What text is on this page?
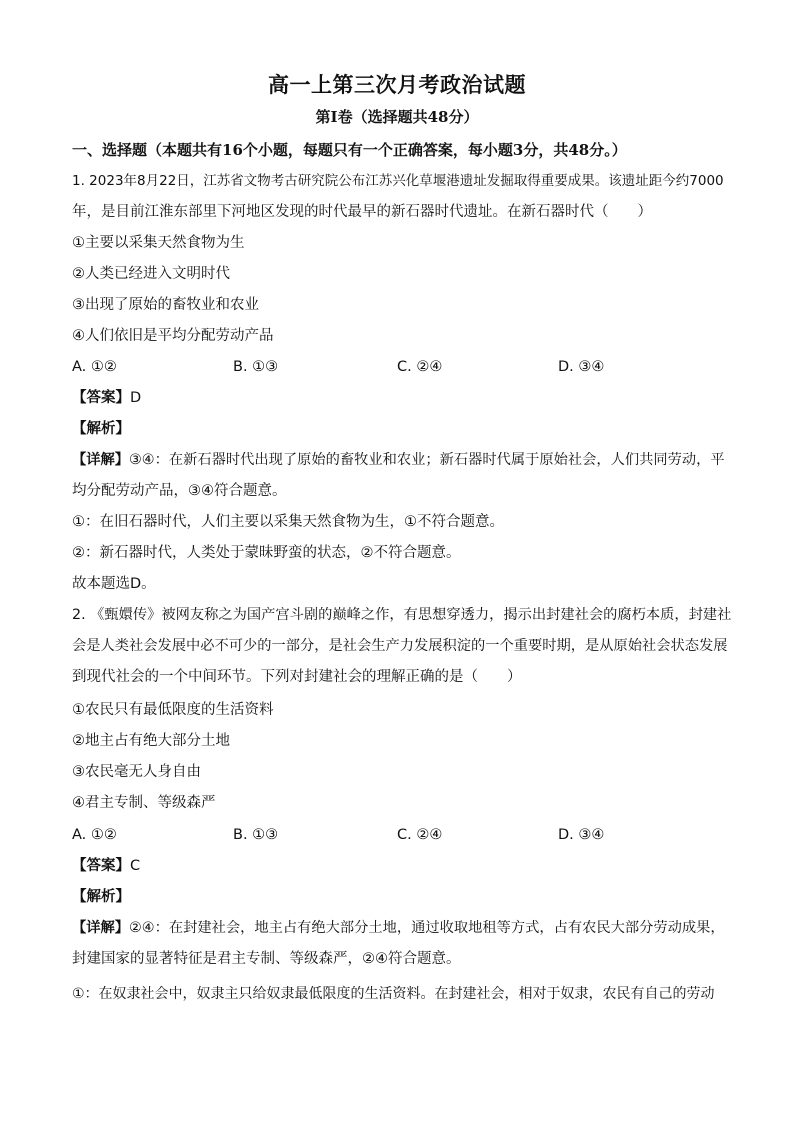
高一上第三次月考政治试题
第Ⅰ卷（选择题共48分）
一、选择题（本题共有16个小题，每题只有一个正确答案，每小题3分，共48分。）
1. 2023年8月22日，江苏省文物考古研究院公布江苏兴化草堰港遗址发掘取得重要成果。该遗址距今约7000
年，是目前江淮东部里下河地区发现的时代最早的新石器时代遗址。在新石器时代（　　）
①主要以采集天然食物为生
②人类已经进入文明时代
③出现了原始的畜牧业和农业
④人们依旧是平均分配劳动产品
A. ①②	B. ①③	C. ②④	D. ③④
【答案】D
【解析】
【详解】③④：在新石器时代出现了原始的畜牧业和农业；新石器时代属于原始社会，人们共同劳动，平
均分配劳动产品，③④符合题意。
①：在旧石器时代，人们主要以采集天然食物为生，①不符合题意。
②：新石器时代，人类处于蒙昧野蛮的状态，②不符合题意。
故本题选D。
2. 《甄嬛传》被网友称之为国产宫斗剧的巅峰之作，有思想穿透力，揭示出封建社会的腐朽本质，封建社
会是人类社会发展中必不可少的一部分，是社会生产力发展积淀的一个重要时期，是从原始社会状态发展
到现代社会的一个中间环节。下列对封建社会的理解正确的是（　　）
①农民只有最低限度的生活资料
②地主占有绝大部分土地
③农民毫无人身自由
④君主专制、等级森严
A. ①②	B. ①③	C. ②④	D. ③④
【答案】C
【解析】
【详解】②④：在封建社会，地主占有绝大部分土地，通过收取地租等方式，占有农民大部分劳动成果，
封建国家的显著特征是君主专制、等级森严，②④符合题意。
①：在奴隶社会中，奴隶主只给奴隶最低限度的生活资料。在封建社会，相对于奴隶，农民有自己的劳动
